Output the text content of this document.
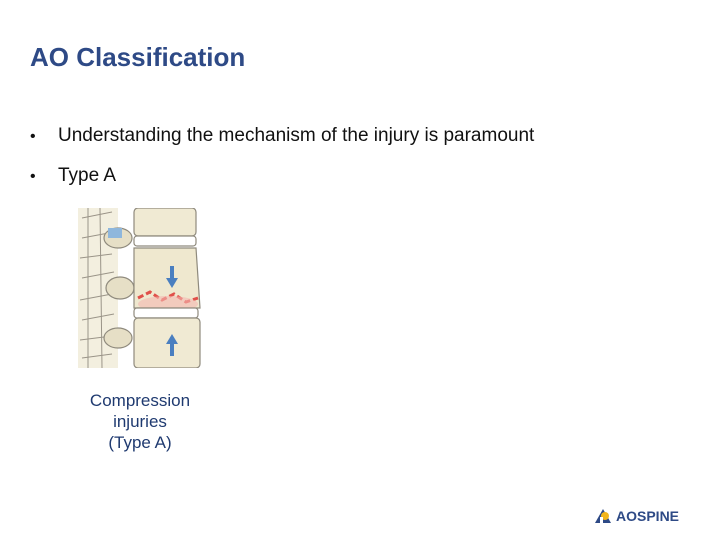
AO Classification
•	Understanding the mechanism of the injury is paramount
•	Type A
Compression
injuries
(Type A)
AOSPINE
